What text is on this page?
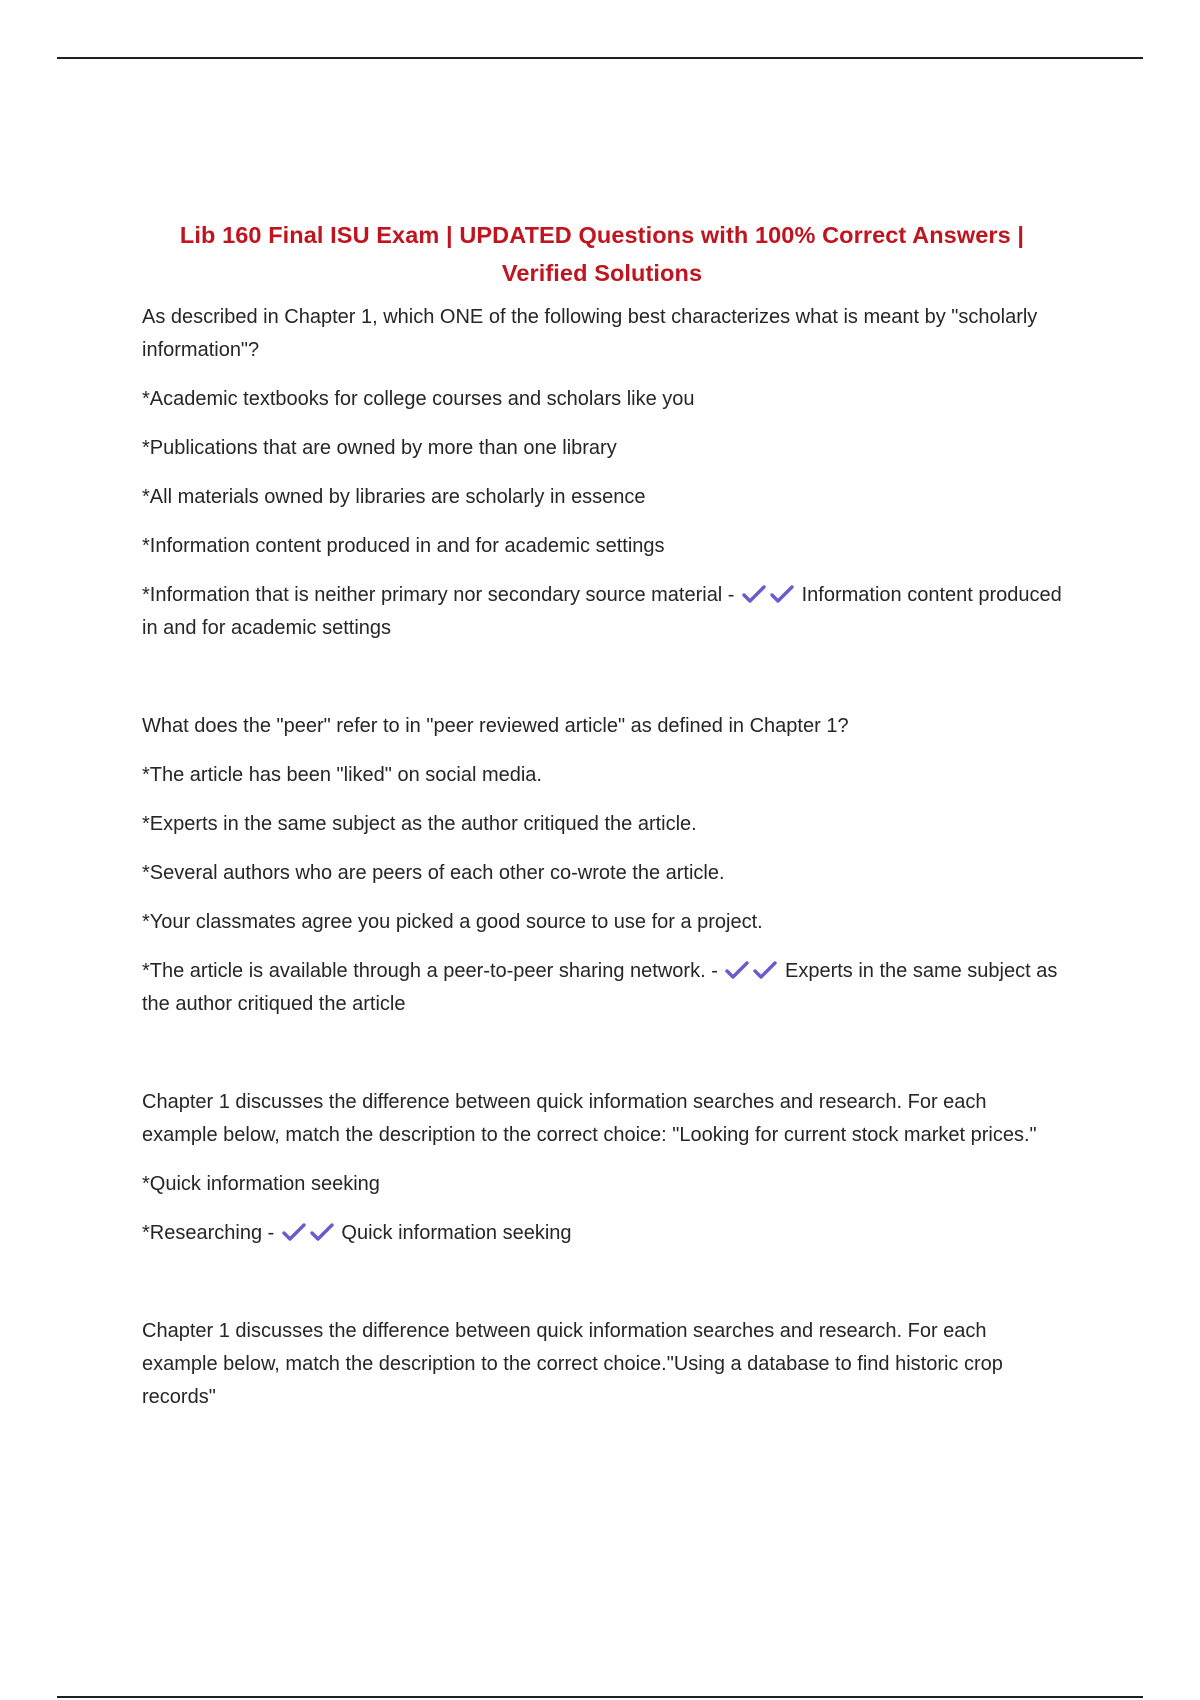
Lib 160 Final ISU Exam | UPDATED Questions with 100% Correct Answers | Verified Solutions

As described in Chapter 1, which ONE of the following best characterizes what is meant by "scholarly information"?

*Academic textbooks for college courses and scholars like you

*Publications that are owned by more than one library

*All materials owned by libraries are scholarly in essence

*Information content produced in and for academic settings

*Information that is neither primary nor secondary source material -	Information content produced in and for academic settings

What does the "peer" refer to in "peer reviewed article" as defined in Chapter 1?

*The article has been "liked" on social media.

*Experts in the same subject as the author critiqued the article.

*Several authors who are peers of each other co-wrote the article.

*Your classmates agree you picked a good source to use for a project.

*The article is available through a peer-to-peer sharing network. -	Experts in the same subject as the author critiqued the article

Chapter 1 discusses the difference between quick information searches and research. For each example below, match the description to the correct choice: "Looking for current stock market prices."

*Quick information seeking

*Researching -	Quick information seeking

Chapter 1 discusses the difference between quick information searches and research. For each example below, match the description to the correct choice."Using a database to find historic crop records"
